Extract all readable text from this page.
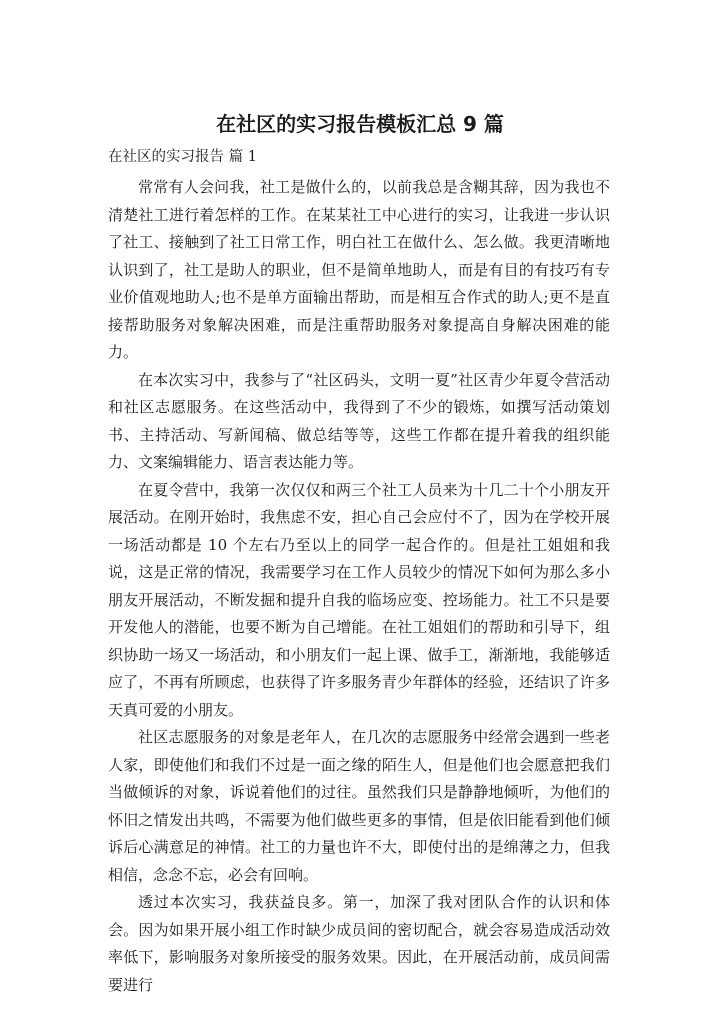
在社区的实习报告模板汇总 9 篇

在社区的实习报告 篇 1

常常有人会问我，社工是做什么的，以前我总是含糊其辞，因为我也不清楚社工进行着怎样的工作。在某某社工中心进行的实习，让我进一步认识了社工、接触到了社工日常工作，明白社工在做什么、怎么做。我更清晰地认识到了，社工是助人的职业，但不是简单地助人，而是有目的有技巧有专业价值观地助人;也不是单方面输出帮助，而是相互合作式的助人;更不是直接帮助服务对象解决困难，而是注重帮助服务对象提高自身解决困难的能力。

在本次实习中，我参与了“社区码头，文明一夏”社区青少年夏令营活动和社区志愿服务。在这些活动中，我得到了不少的锻炼，如撰写活动策划书、主持活动、写新闻稿、做总结等等，这些工作都在提升着我的组织能力、文案编辑能力、语言表达能力等。

在夏令营中，我第一次仅仅和两三个社工人员来为十几二十个小朋友开展活动。在刚开始时，我焦虑不安，担心自己会应付不了，因为在学校开展一场活动都是 10 个左右乃至以上的同学一起合作的。但是社工姐姐和我说，这是正常的情况，我需要学习在工作人员较少的情况下如何为那么多小朋友开展活动，不断发掘和提升自我的临场应变、控场能力。社工不只是要开发他人的潜能，也要不断为自己增能。在社工姐姐们的帮助和引导下，组织协助一场又一场活动，和小朋友们一起上课、做手工，渐渐地，我能够适应了，不再有所顾虑，也获得了许多服务青少年群体的经验，还结识了许多天真可爱的小朋友。

社区志愿服务的对象是老年人，在几次的志愿服务中经常会遇到一些老人家，即使他们和我们不过是一面之缘的陌生人，但是他们也会愿意把我们当做倾诉的对象，诉说着他们的过往。虽然我们只是静静地倾听，为他们的怀旧之情发出共鸣，不需要为他们做些更多的事情，但是依旧能看到他们倾诉后心满意足的神情。社工的力量也许不大，即使付出的是绵薄之力，但我相信，念念不忘，必会有回响。

透过本次实习，我获益良多。第一，加深了我对团队合作的认识和体会。因为如果开展小组工作时缺少成员间的密切配合，就会容易造成活动效率低下，影响服务对象所接受的服务效果。因此，在开展活动前，成员间需要进行
